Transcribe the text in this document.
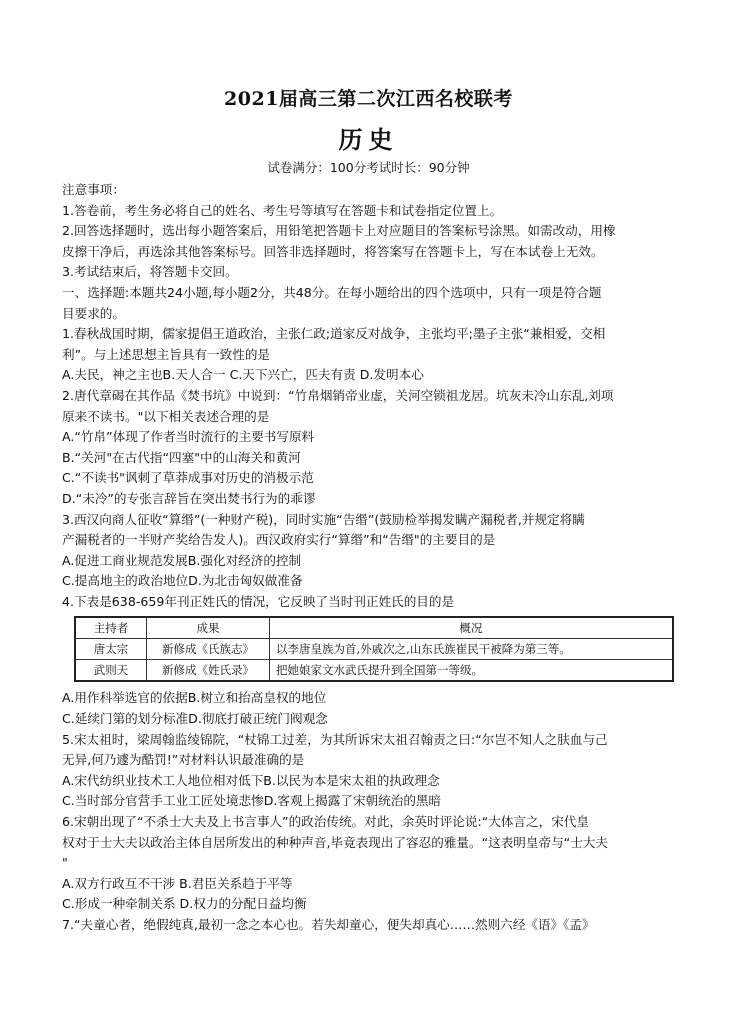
2021届高三第二次江西名校联考
历史
试卷满分：100分考试时长：90分钟
注意事项：
1.答卷前，考生务必将自己的姓名、考生号等填写在答题卡和试卷指定位置上。
2.回答选择题时，选出每小题答案后，用铅笔把答题卡上对应题目的答案标号涂黑。如需改动，用橡
皮擦干净后，再选涂其他答案标号。回答非选择题时，将答案写在答题卡上，写在本试卷上无效。
3.考试结束后，将答题卡交回。
一、选择题:本题共24小题,每小题2分，共48分。在每小题给出的四个选项中，只有一项是符合题
目要求的。
1.春秋战国时期，儒家提倡王道政治，主张仁政;道家反对战争，主张均平;墨子主张“兼相爱，交相
利”。与上述思想主旨具有一致性的是
A.夫民，神之主也B.天人合一 C.天下兴亡，匹夫有责 D.发明本心
2.唐代章碣在其作品《焚书坑》中说到：“竹帛烟销帝业虚，关河空锁祖龙居。坑灰未冷山东乱,刘项
原来不读书。"以下相关表述合理的是
A.“竹帛”体现了作者当时流行的主要书写原料
B.“关河"在古代指“四塞"中的山海关和黄河
C.“不读书"讽刺了草莽成事对历史的消极示范
D.“未冷”的专张言辞旨在突出焚书行为的乖谬
3.西汉向商人征收“算缗”(一种财产税)，同时实施“告缗”(鼓励检举揭发瞒产漏税者,并规定将瞒
产漏税者的一半财产奖给告发人)。西汉政府实行“算缗”和“告缗"的主要目的是
A.促进工商业规范发展B.强化对经济的控制
C.提高地主的政治地位D.为北击匈奴做准备
4.下表是638-659年刊正姓氏的情况，它反映了当时刊正姓氏的目的是
主持者	成果	概况
唐太宗	新修成《氏族志》	以李唐皇族为首,外戚次之,山东氏族崔民干被降为第三等。
武则天	新修成《姓氏录》	把她娘家文水武氏提升到全国第一等级。
A.用作科举选官的依据B.树立和抬高皇权的地位
C.延续门第的划分标准D.彻底打破正统门阀观念
5.宋太祖时，梁周翰监绫锦院，“杖锦工过差，为其所诉宋太祖召翰责之曰:“尔岂不知人之肤血与己
无异,何乃遽为酷罚!”对材料认识最准确的是
A.宋代纺织业技术工人地位相对低下B.以民为本是宋太祖的执政理念
C.当时部分官营手工业工匠处境悲惨D.客观上揭露了宋朝统治的黑暗
6.宋朝出现了“不杀士大夫及上书言事人”的政治传统。对此，余英时评论说:“大体言之，宋代皇
权对于士大夫以政治主体自居所发出的种种声音,毕竟表现出了容忍的雅量。“这表明皇帝与“士大夫
"
A.双方行政互不干涉 B.君臣关系趋于平等
C.形成一种牵制关系 D.权力的分配日益均衡
7.“夫童心者，绝假纯真,最初一念之本心也。若失却童心，便失却真心……然则六经《语》《孟》
